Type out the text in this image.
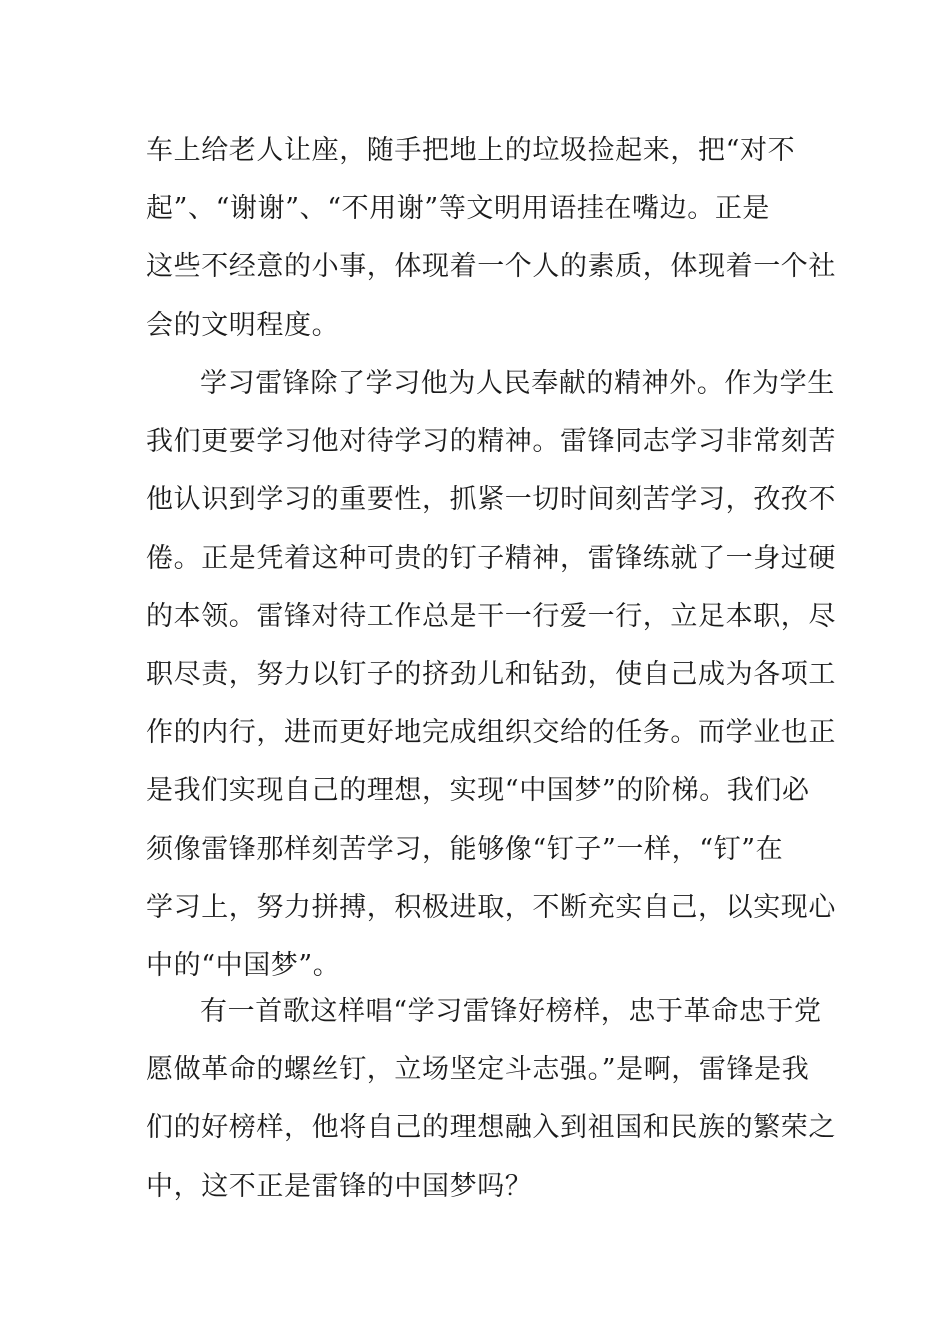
车上给老人让座，随手把地上的垃圾捡起来，把“对不
起”、“谢谢”、“不用谢”等文明用语挂在嘴边。正是
这些不经意的小事，体现着一个人的素质，体现着一个社
会的文明程度。
学习雷锋除了学习他为人民奉献的精神外。作为学生
我们更要学习他对待学习的精神。雷锋同志学习非常刻苦
他认识到学习的重要性，抓紧一切时间刻苦学习，孜孜不
倦。正是凭着这种可贵的钉子精神，雷锋练就了一身过硬
的本领。雷锋对待工作总是干一行爱一行，立足本职，尽
职尽责，努力以钉子的挤劲儿和钻劲，使自己成为各项工
作的内行，进而更好地完成组织交给的任务。而学业也正
是我们实现自己的理想，实现“中国梦”的阶梯。我们必
须像雷锋那样刻苦学习，能够像“钉子”一样，“钉”在
学习上，努力拼搏，积极进取，不断充实自己，以实现心
中的“中国梦”。
有一首歌这样唱“学习雷锋好榜样，忠于革命忠于党
愿做革命的螺丝钉，立场坚定斗志强。”是啊，雷锋是我
们的好榜样，他将自己的理想融入到祖国和民族的繁荣之
中，这不正是雷锋的中国梦吗？
